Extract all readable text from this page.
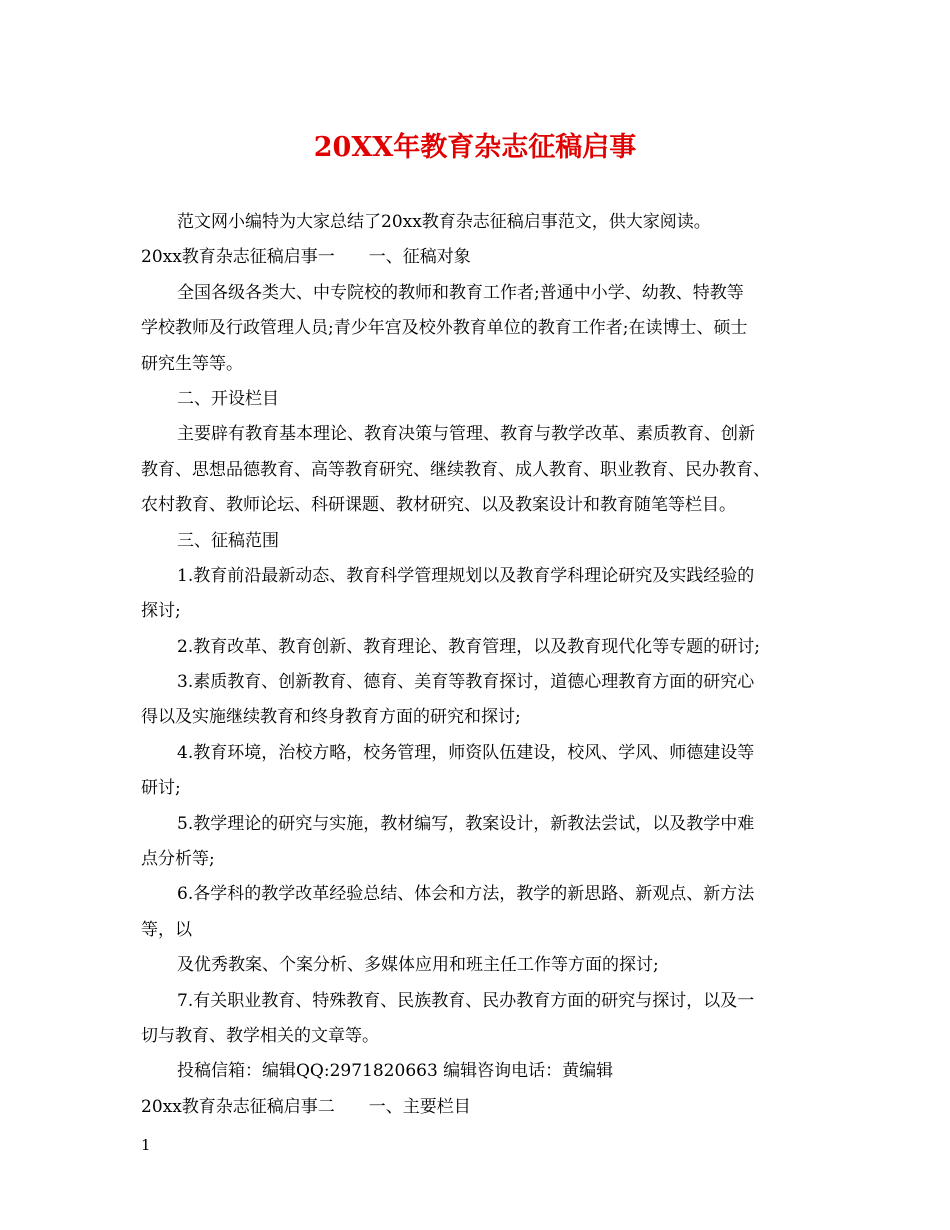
20XX年教育杂志征稿启事
范文网小编特为大家总结了20xx教育杂志征稿启事范文，供大家阅读。
20xx教育杂志征稿启事一　　一、征稿对象
全国各级各类大、中专院校的教师和教育工作者;普通中小学、幼教、特教等
学校教师及行政管理人员;青少年宫及校外教育单位的教育工作者;在读博士、硕士
研究生等等。
二、开设栏目
主要辟有教育基本理论、教育决策与管理、教育与教学改革、素质教育、创新
教育、思想品德教育、高等教育研究、继续教育、成人教育、职业教育、民办教育、
农村教育、教师论坛、科研课题、教材研究、以及教案设计和教育随笔等栏目。
三、征稿范围
1.教育前沿最新动态、教育科学管理规划以及教育学科理论研究及实践经验的
探讨;
2.教育改革、教育创新、教育理论、教育管理，以及教育现代化等专题的研讨;
3.素质教育、创新教育、德育、美育等教育探讨，道德心理教育方面的研究心
得以及实施继续教育和终身教育方面的研究和探讨;
4.教育环境，治校方略，校务管理，师资队伍建设，校风、学风、师德建设等
研讨;
5.教学理论的研究与实施，教材编写，教案设计，新教法尝试，以及教学中难
点分析等;
6.各学科的教学改革经验总结、体会和方法，教学的新思路、新观点、新方法
等，以
及优秀教案、个案分析、多媒体应用和班主任工作等方面的探讨;
7.有关职业教育、特殊教育、民族教育、民办教育方面的研究与探讨，以及一
切与教育、教学相关的文章等。
投稿信箱：编辑QQ:2971820663 编辑咨询电话：黄编辑
20xx教育杂志征稿启事二　　一、主要栏目
1
